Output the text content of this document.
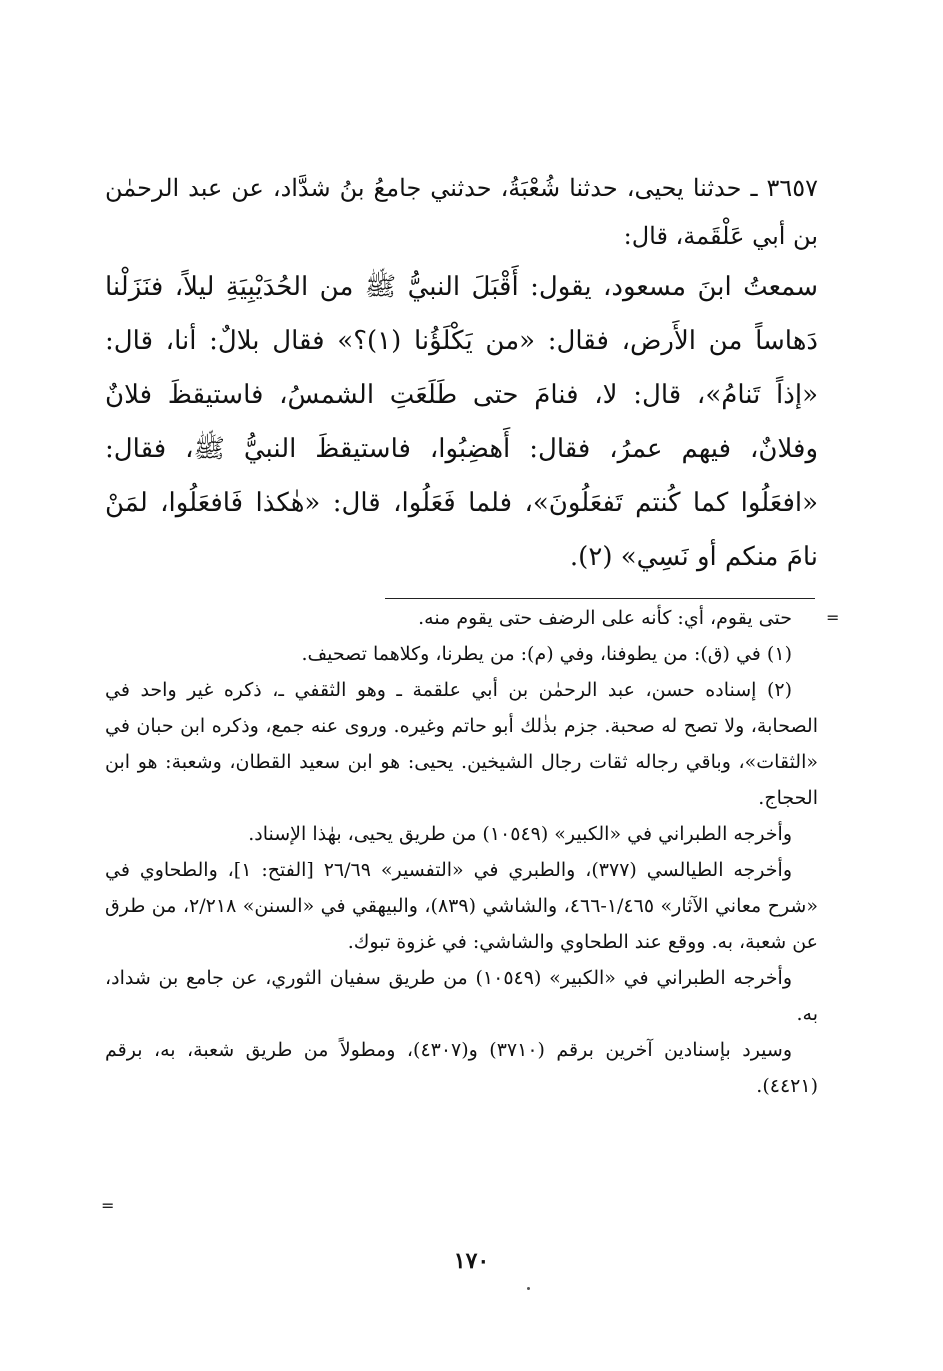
٣٦٥٧ ـ حدثنا يحيى، حدثنا شُعْبَةُ، حدثني جامعُ بنُ شدَّاد، عن عبد الرحمٰن بن أبي عَلْقَمة، قال:

سمعتُ ابنَ مسعود، يقول: أَقْبَلَ النبيُّ ﷺ من الحُدَيْبِيَةِ ليلاً، فنَزَلْنا دَهاساً من الأَرض، فقال: «من يَكْلَؤُنا (١)؟» فقال بلالٌ: أنا، قال: «إذاً تَنامُ»، قال: لا، فنامَ حتى طَلَعَتِ الشمسُ، فاستيقظَ فلانٌ وفلانٌ، فيهم عمرُ، فقال: أَهضِبُوا، فاستيقظَ النبيُّ ﷺ، فقال: «افعَلُوا كما كُنتم تَفعَلُونَ»، فلما فَعَلُوا، قال: «هٰكذا فَافعَلُوا، لمَنْ نامَ منكم أو نَسِي» (٢).

=

حتى يقوم، أي: كأنه على الرضف حتى يقوم منه.

(١) في (ق): من يطوفنا، وفي (م): من يطرنا، وكلاهما تصحيف.

(٢) إسناده حسن، عبد الرحمٰن بن أبي علقمة ـ وهو الثقفي ـ، ذكره غير واحد في الصحابة، ولا تصح له صحبة. جزم بذٰلك أبو حاتم وغيره. وروى عنه جمع، وذكره ابن حبان في «الثقات»، وباقي رجاله ثقات رجال الشيخين. يحيى: هو ابن سعيد القطان، وشعبة: هو ابن الحجاج.

وأخرجه الطبراني في «الكبير» (١٠٥٤٩) من طريق يحيى، بهٰذا الإسناد.

وأخرجه الطيالسي (٣٧٧)، والطبري في «التفسير» ٢٦/٦٩ [الفتح: ١]، والطحاوي في «شرح معاني الآثار» ١/٤٦٥-٤٦٦، والشاشي (٨٣٩)، والبيهقي في «السنن» ٢/٢١٨، من طرق عن شعبة، به. ووقع عند الطحاوي والشاشي: في غزوة تبوك.

وأخرجه الطبراني في «الكبير» (١٠٥٤٩) من طريق سفيان الثوري، عن جامع بن شداد، به.

وسيرد بإسنادين آخرين برقم (٣٧١٠) و(٤٣٠٧)، ومطولاً من طريق شعبة، به، برقم (٤٤٢١).

=
١٧٠
